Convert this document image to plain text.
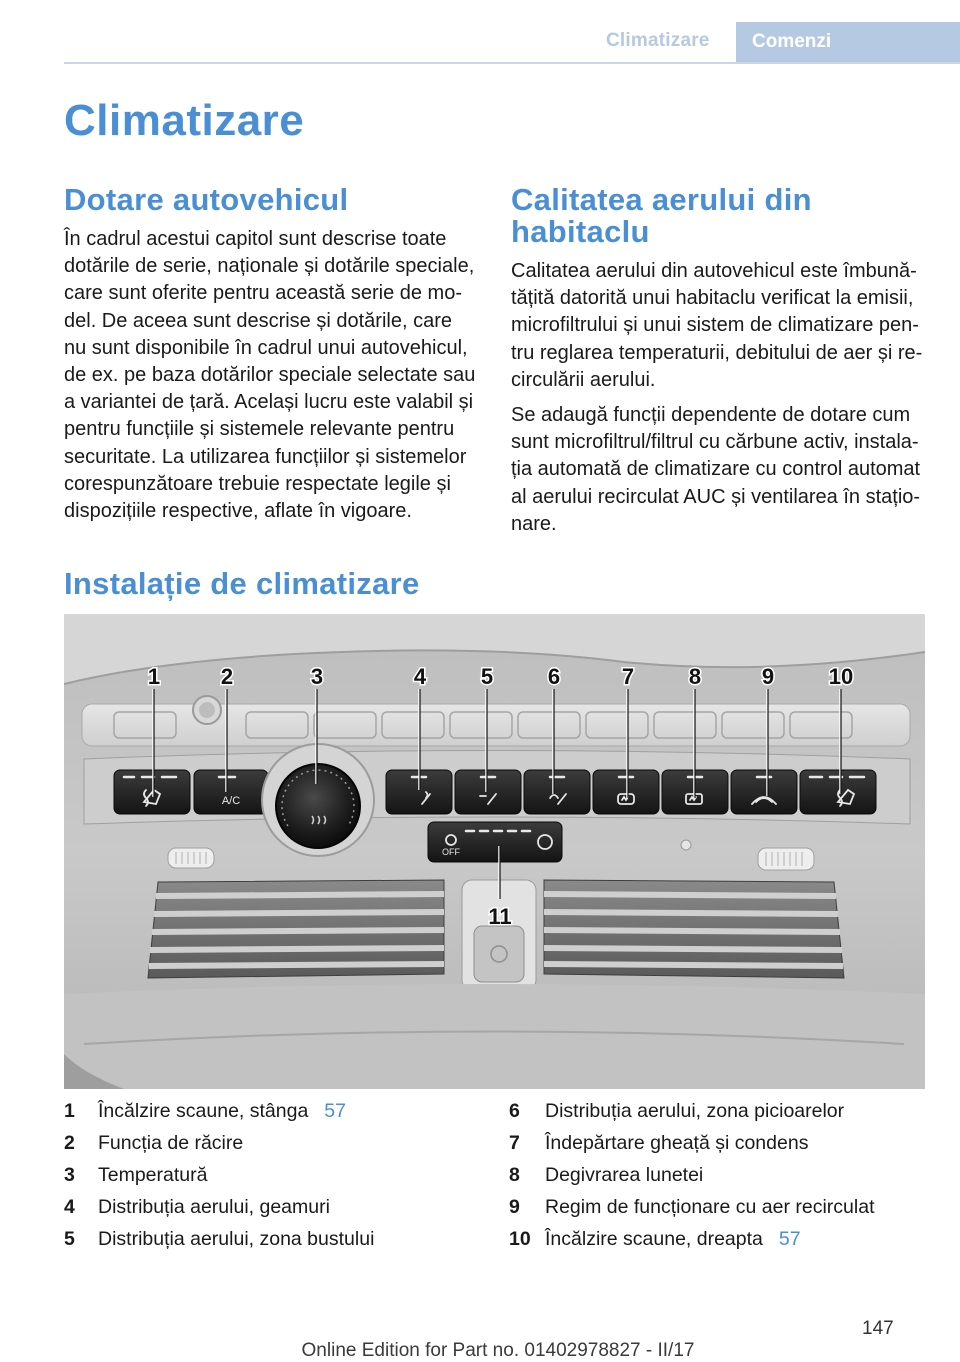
Climatizare	Comenzi
Climatizare
Dotare autovehicul

În cadrul acestui capitol sunt descrise toate dotările de serie, naționale și dotările speciale, care sunt oferite pentru această serie de mo- del. De aceea sunt descrise și dotările, care nu sunt disponibile în cadrul unui autovehicul, de ex. pe baza dotărilor speciale selectate sau a variantei de țară. Același lucru este valabil și pentru funcțiile și sistemele relevante pentru securitate. La utilizarea funcțiilor și sistemelor corespunzătoare trebuie respectate legile și dispozițiile respective, aflate în vigoare.

Calitatea aerului din habitaclu

Calitatea aerului din autovehicul este îmbună- tățită datorită unui habitaclu verificat la emisii, microfiltrului și unui sistem de climatizare pen- tru reglarea temperaturii, debitului de aer și re- circulării aerului.

Se adaugă funcții dependente de dotare cum sunt microfiltrul/filtrul cu cărbune activ, instala- ția automată de climatizare cu control automat al aerului recirculat AUC și ventilarea în stațio- nare.

Instalație de climatizare
A/C
OFF
1	2	3	4 5 6	7 8	9 10
11
1	Încălzire scaune, stânga 57
2	Funcția de răcire
3	Temperatură
4	Distribuția aerului, geamuri
5	Distribuția aerului, zona bustului
6	Distribuția aerului, zona picioarelor
7	Îndepărtare gheață și condens
8	Degivrarea lunetei
9	Regim de funcționare cu aer recirculat
10 Încălzire scaune, dreapta 57
147
Online Edition for Part no. 01402978827 - II/17
